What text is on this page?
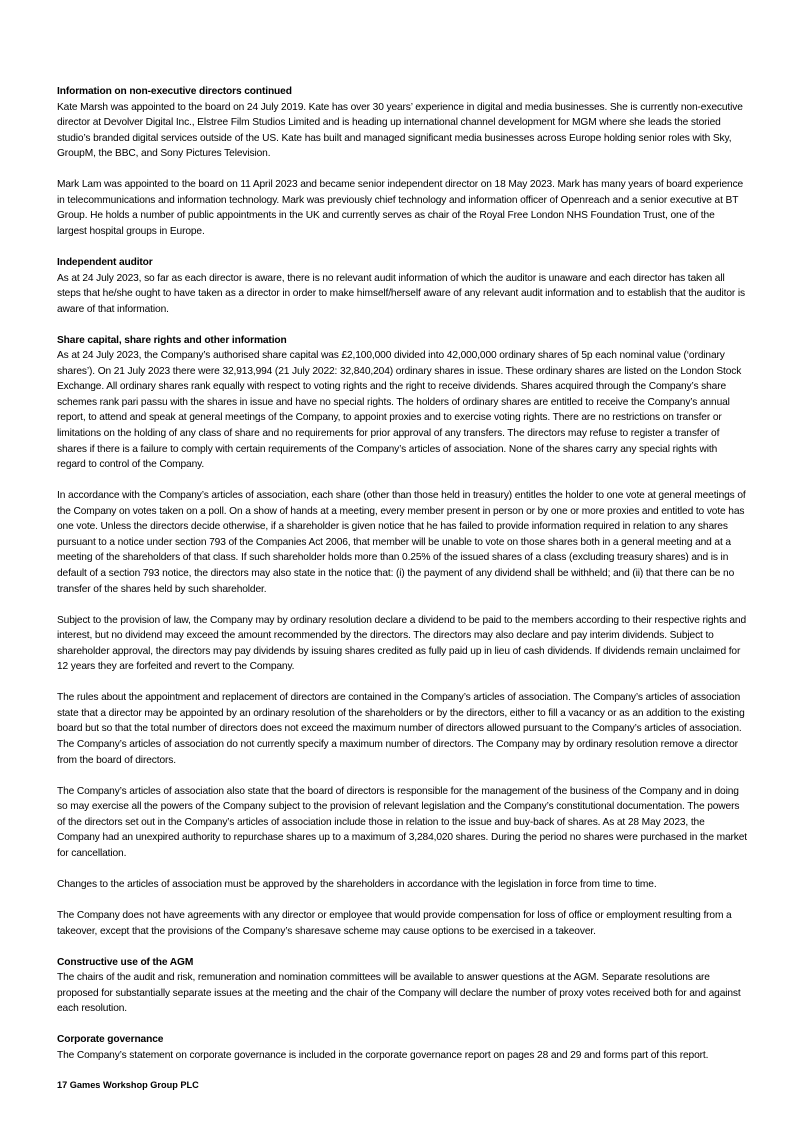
Information on non-executive directors continued

Kate Marsh was appointed to the board on 24 July 2019. Kate has over 30 years’ experience in digital and media businesses. She is currently non-executive director at Devolver Digital Inc., Elstree Film Studios Limited and is heading up international channel development for MGM where she leads the storied studio’s branded digital services outside of the US. Kate has built and managed significant media businesses across Europe holding senior roles with Sky, GroupM, the BBC, and Sony Pictures Television.

Mark Lam was appointed to the board on 11 April 2023 and became senior independent director on 18 May 2023. Mark has many years of board experience in telecommunications and information technology. Mark was previously chief technology and information officer of Openreach and a senior executive at BT Group. He holds a number of public appointments in the UK and currently serves as chair of the Royal Free London NHS Foundation Trust, one of the largest hospital groups in Europe.

Independent auditor

As at 24 July 2023, so far as each director is aware, there is no relevant audit information of which the auditor is unaware and each director has taken all steps that he/she ought to have taken as a director in order to make himself/herself aware of any relevant audit information and to establish that the auditor is aware of that information.

Share capital, share rights and other information

As at 24 July 2023, the Company’s authorised share capital was £2,100,000 divided into 42,000,000 ordinary shares of 5p each nominal value (‘ordinary shares’). On 21 July 2023 there were 32,913,994 (21 July 2022: 32,840,204) ordinary shares in issue. These ordinary shares are listed on the London Stock Exchange. All ordinary shares rank equally with respect to voting rights and the right to receive dividends. Shares acquired through the Company’s share schemes rank pari passu with the shares in issue and have no special rights. The holders of ordinary shares are entitled to receive the Company’s annual report, to attend and speak at general meetings of the Company, to appoint proxies and to exercise voting rights. There are no restrictions on transfer or limitations on the holding of any class of share and no requirements for prior approval of any transfers. The directors may refuse to register a transfer of shares if there is a failure to comply with certain requirements of the Company’s articles of association. None of the shares carry any special rights with regard to control of the Company.

In accordance with the Company’s articles of association, each share (other than those held in treasury) entitles the holder to one vote at general meetings of the Company on votes taken on a poll. On a show of hands at a meeting, every member present in person or by one or more proxies and entitled to vote has one vote. Unless the directors decide otherwise, if a shareholder is given notice that he has failed to provide information required in relation to any shares pursuant to a notice under section 793 of the Companies Act 2006, that member will be unable to vote on those shares both in a general meeting and at a meeting of the shareholders of that class. If such shareholder holds more than 0.25% of the issued shares of a class (excluding treasury shares) and is in default of a section 793 notice, the directors may also state in the notice that: (i) the payment of any dividend shall be withheld; and (ii) that there can be no transfer of the shares held by such shareholder.

Subject to the provision of law, the Company may by ordinary resolution declare a dividend to be paid to the members according to their respective rights and interest, but no dividend may exceed the amount recommended by the directors. The directors may also declare and pay interim dividends. Subject to shareholder approval, the directors may pay dividends by issuing shares credited as fully paid up in lieu of cash dividends. If dividends remain unclaimed for 12 years they are forfeited and revert to the Company.

The rules about the appointment and replacement of directors are contained in the Company’s articles of association. The Company’s articles of association state that a director may be appointed by an ordinary resolution of the shareholders or by the directors, either to fill a vacancy or as an addition to the existing board but so that the total number of directors does not exceed the maximum number of directors allowed pursuant to the Company’s articles of association. The Company’s articles of association do not currently specify a maximum number of directors. The Company may by ordinary resolution remove a director from the board of directors.

The Company’s articles of association also state that the board of directors is responsible for the management of the business of the Company and in doing so may exercise all the powers of the Company subject to the provision of relevant legislation and the Company’s constitutional documentation. The powers of the directors set out in the Company’s articles of association include those in relation to the issue and buy-back of shares. As at 28 May 2023, the Company had an unexpired authority to repurchase shares up to a maximum of 3,284,020 shares. During the period no shares were purchased in the market for cancellation.

Changes to the articles of association must be approved by the shareholders in accordance with the legislation in force from time to time.

The Company does not have agreements with any director or employee that would provide compensation for loss of office or employment resulting from a takeover, except that the provisions of the Company’s sharesave scheme may cause options to be exercised in a takeover.

Constructive use of the AGM

The chairs of the audit and risk, remuneration and nomination committees will be available to answer questions at the AGM. Separate resolutions are proposed for substantially separate issues at the meeting and the chair of the Company will declare the number of proxy votes received both for and against each resolution.

Corporate governance

The Company’s statement on corporate governance is included in the corporate governance report on pages 28 and 29 and forms part of this report.

17 Games Workshop Group PLC
